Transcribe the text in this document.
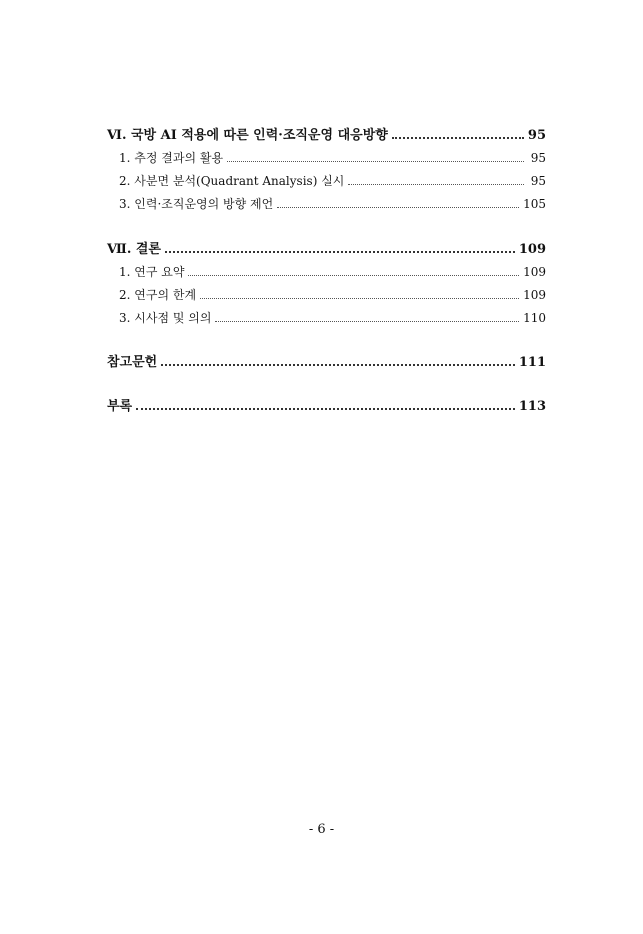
Ⅵ. 국방 AI 적용에 따른 인력·조직운영 대응방향	95
1. 추정 결과의 활용	95
2. 사분면 분석(Quadrant Analysis) 실시	95
3. 인력·조직운영의 방향 제언	105
Ⅶ. 결론	109
1. 연구 요약	109
2. 연구의 한계	109
3. 시사점 및 의의	110
참고문헌	111
부록	113
- 6 -
